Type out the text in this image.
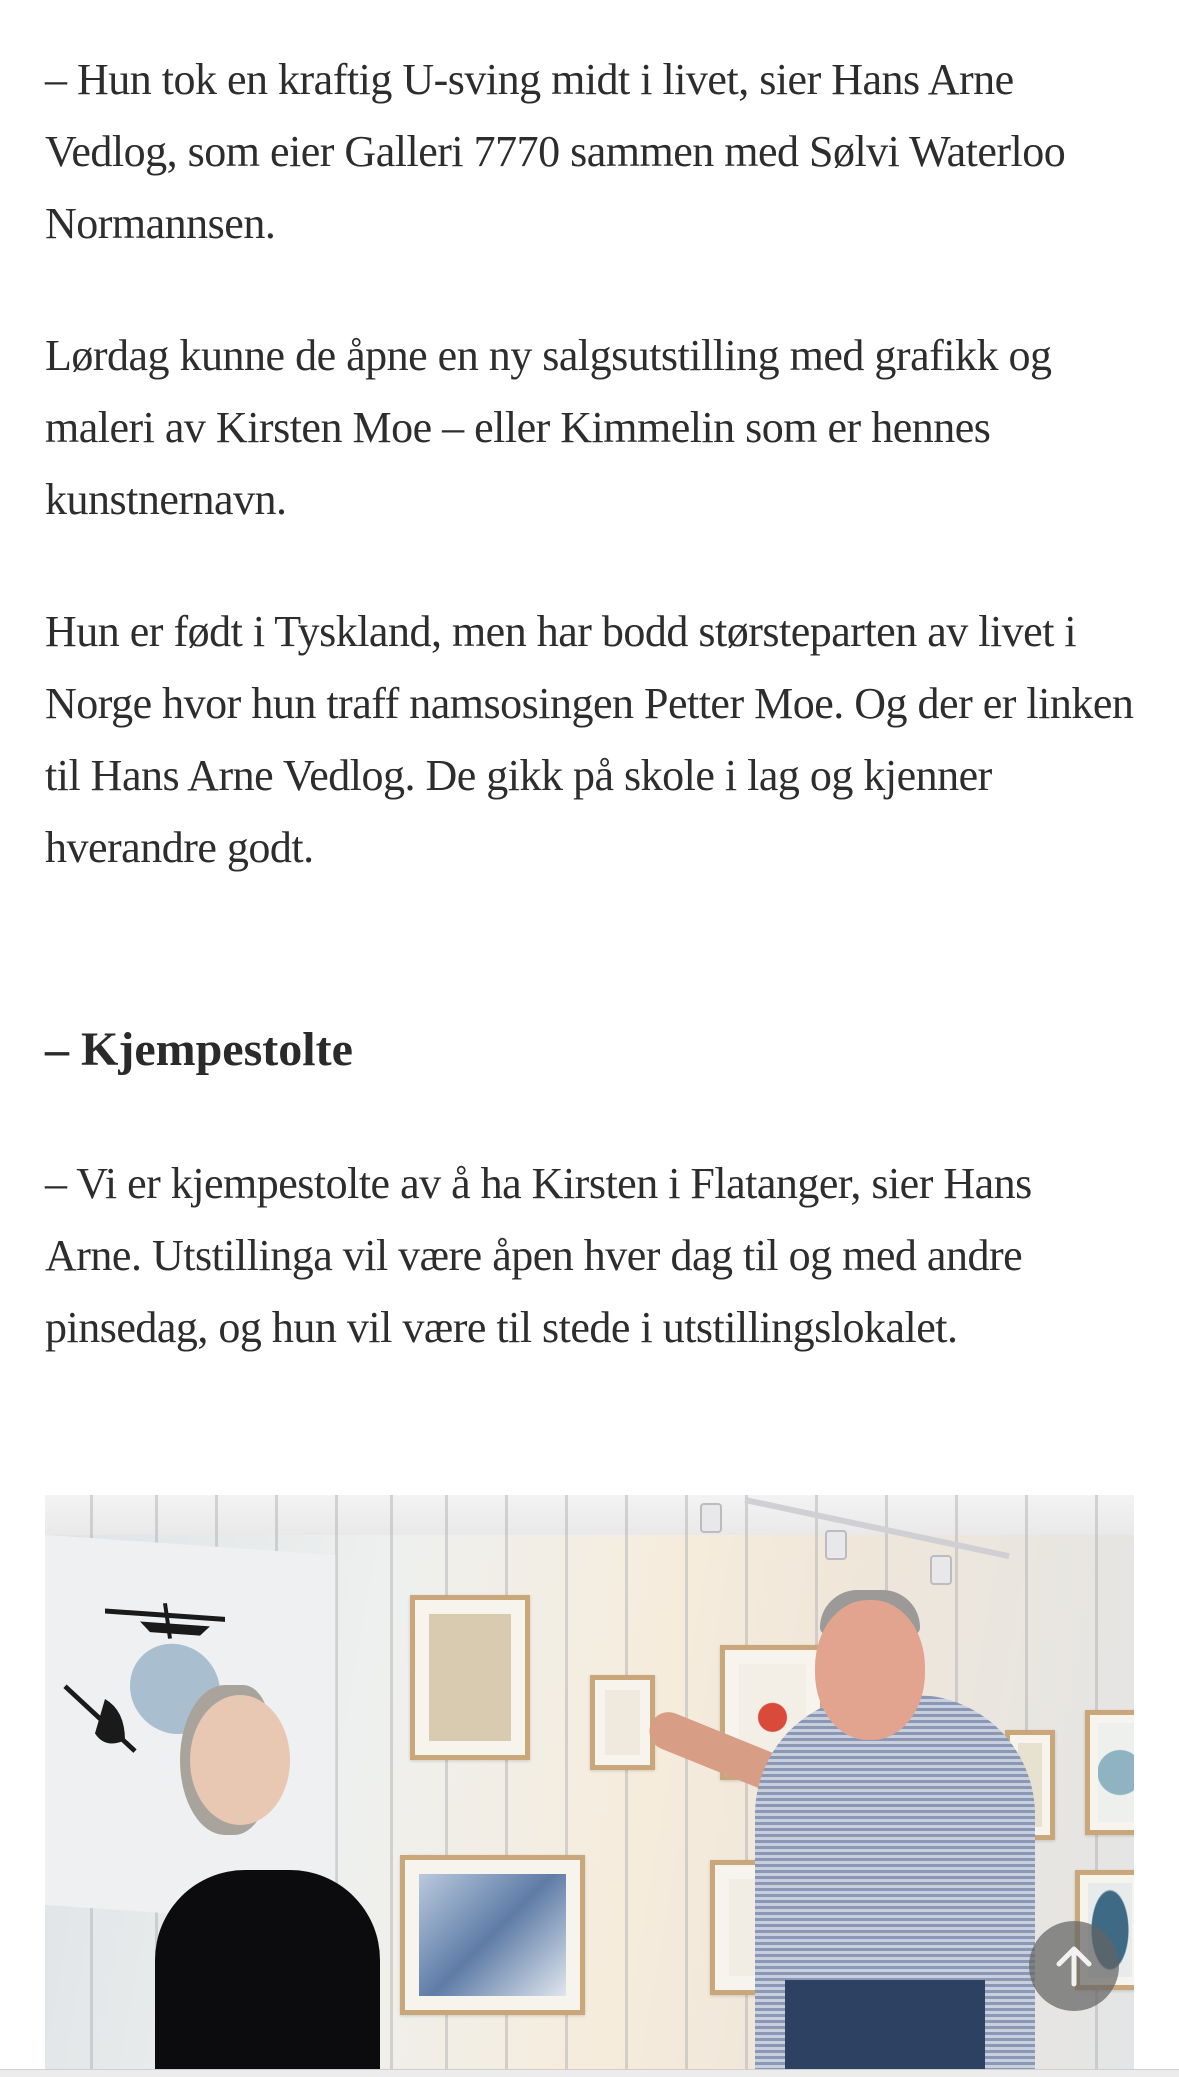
– Hun tok en kraftig U-sving midt i livet, sier Hans Arne Vedlog, som eier Galleri 7770 sammen med Sølvi Waterloo Normannsen.

Lørdag kunne de åpne en ny salgsutstilling med grafikk og maleri av Kirsten Moe – eller Kimmelin som er hennes kunstnernavn.

Hun er født i Tyskland, men har bodd størsteparten av livet i Norge hvor hun traff namsosingen Petter Moe. Og der er linken til Hans Arne Vedlog. De gikk på skole i lag og kjenner hverandre godt.

– Kjempestolte

– Vi er kjempestolte av å ha Kirsten i Flatanger, sier Hans Arne. Utstillinga vil være åpen hver dag til og med andre pinsedag, og hun vil være til stede i utstillingslokalet.
